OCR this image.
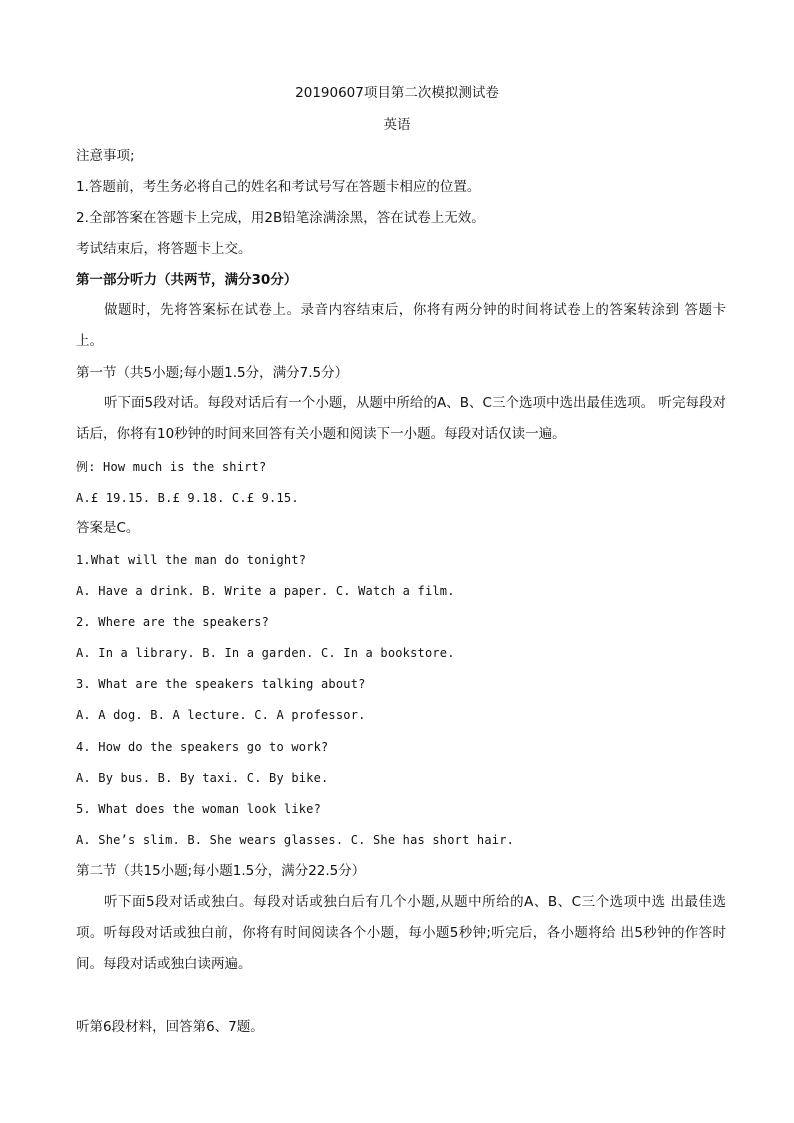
20190607项目第二次模拟测试卷
英语
注意事项;
1.答题前，考生务必将自己的姓名和考试号写在答题卡相应的位置。
2.全部答案在答题卡上完成，用2B铅笔涂满涂黑，答在试卷上无效。
考试结束后，将答题卡上交。
第一部分听力（共两节，满分30分）
做题时，先将答案标在试卷上。录音内容结束后，你将有两分钟的时间将试卷上的答案转涂到 答题卡上。
第一节（共5小题;每小题1.5分，满分7.5分）
听下面5段对话。每段对话后有一个小题，从题中所给的A、B、C三个选项中选出最佳选项。 听完每段对话后，你将有10秒钟的时间来回答有关小题和阅读下一小题。每段对话仅读一遍。
例: How much is the shirt?
A.£ 19.15. B.£ 9.18. C.£ 9.15.
答案是C。
1.What will the man do tonight?
A. Have a drink. B. Write a paper. C. Watch a film.
2. Where are the speakers?
A. In a library. B. In a garden. C. In a bookstore.
3. What are the speakers talking about?
A. A dog. B. A lecture. C. A professor.
4. How do the speakers go to work?
A. By bus. B. By taxi. C. By bike.
5. What does the woman look like?
A. She’s slim. B. She wears glasses. C. She has short hair.
第二节（共15小题;每小题1.5分，满分22.5分）
听下面5段对话或独白。每段对话或独白后有几个小题,从题中所给的A、B、C三个选项中选 出最佳选项。听每段对话或独白前，你将有时间阅读各个小题，每小题5秒钟;听完后，各小题将给 出5秒钟的作答时间。每段对话或独白读两遍。
听第6段材料，回答第6、7题。
